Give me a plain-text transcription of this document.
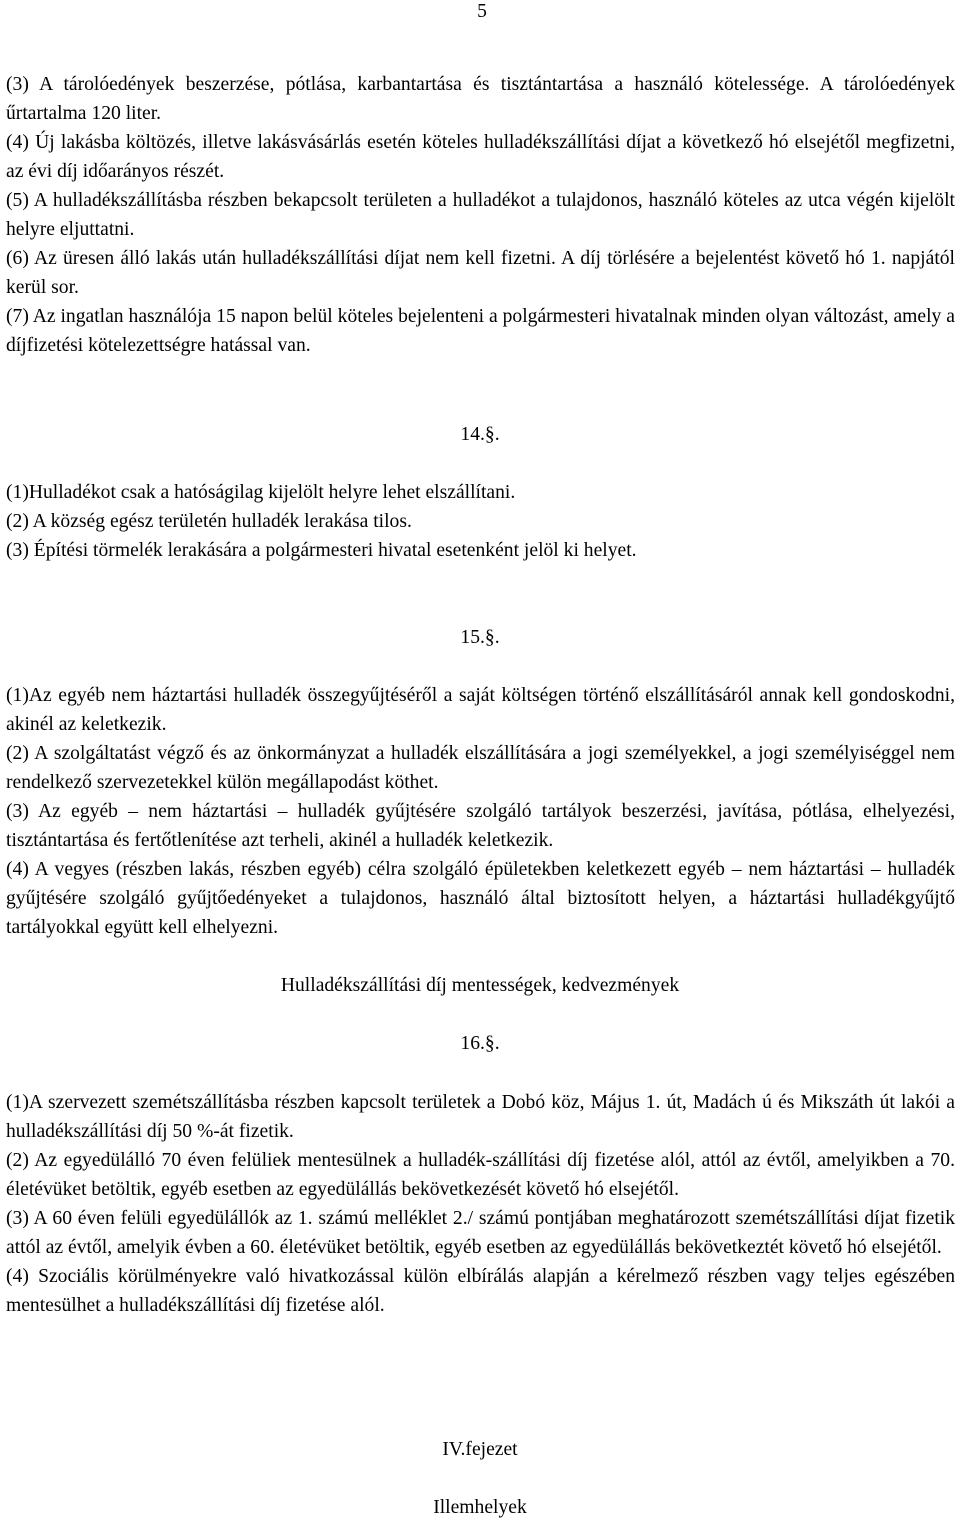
5

(3) A tárolóedények beszerzése, pótlása, karbantartása és tisztántartása a használó kötelessége. A tárolóedények űrtartalma 120 liter.

(4) Új lakásba költözés, illetve lakásvásárlás esetén köteles hulladékszállítási díjat a következő hó elsejétől megfizetni, az évi díj időarányos részét.

(5) A hulladékszállításba részben bekapcsolt területen a hulladékot a tulajdonos, használó köteles az utca végén kijelölt helyre eljuttatni.

(6) Az üresen álló lakás után hulladékszállítási díjat nem kell fizetni. A díj törlésére a bejelentést követő hó 1. napjától kerül sor.

(7) Az ingatlan használója 15 napon belül köteles bejelenteni a polgármesteri hivatalnak minden olyan változást, amely a díjfizetési kötelezettségre hatással van.

14.§.

(1)Hulladékot csak a hatóságilag kijelölt helyre lehet elszállítani.

(2) A község egész területén hulladék lerakása tilos.

(3) Építési törmelék lerakására a polgármesteri hivatal esetenként jelöl ki helyet.

15.§.

(1)Az egyéb nem háztartási hulladék összegyűjtéséről a saját költségen történő elszállításáról annak kell gondoskodni, akinél az keletkezik.

(2) A szolgáltatást végző és az önkormányzat a hulladék elszállítására a jogi személyekkel, a jogi személyiséggel nem rendelkező szervezetekkel külön megállapodást köthet.

(3) Az egyéb – nem háztartási – hulladék gyűjtésére szolgáló tartályok beszerzési, javítása, pótlása, elhelyezési, tisztántartása és fertőtlenítése azt terheli, akinél a hulladék keletkezik.

(4) A vegyes (részben lakás, részben egyéb) célra szolgáló épületekben keletkezett egyéb – nem háztartási – hulladék gyűjtésére szolgáló gyűjtőedényeket a tulajdonos, használó által biztosított helyen, a háztartási hulladékgyűjtő tartályokkal együtt kell elhelyezni.

Hulladékszállítási díj mentességek, kedvezmények
16.§.

(1)A szervezett szemétszállításba részben kapcsolt területek a Dobó köz, Május 1. út, Madách ú és Mikszáth út lakói a hulladékszállítási díj 50 %-át fizetik.

(2) Az egyedülálló 70 éven felüliek mentesülnek a hulladék-szállítási díj fizetése alól, attól az évtől, amelyikben a 70. életévüket betöltik, egyéb esetben az egyedülállás bekövetkezését követő hó elsejétől.

(3) A 60 éven felüli egyedülállók az 1. számú melléklet 2./ számú pontjában meghatározott szemétszállítási díjat fizetik attól az évtől, amelyik évben a 60. életévüket betöltik, egyéb esetben az egyedülállás bekövetkeztét követő hó elsejétől.

(4) Szociális körülményekre való hivatkozással külön elbírálás alapján a kérelmező részben vagy teljes egészében mentesülhet a hulladékszállítási díj fizetése alól.

IV.fejezet
Illemhelyek
